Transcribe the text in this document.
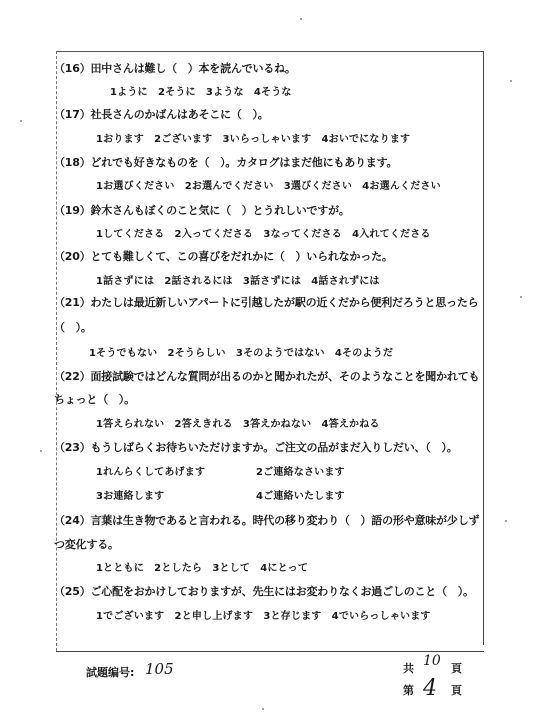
（16）田中さんは難し（　）本を読んでいるね。
1ように　2そうに　3ような　4そうな
（17）社長さんのかばんはあそこに（　）。
1おります　2ございます　3いらっしゃいます　4おいでになります
（18）どれでも好きなものを（　）。カタログはまだ他にもあります。
1お選びください　2お選んでください　3選びください　4お選んください
（19）鈴木さんもぼくのこと気に（　）とうれしいですが。
1してくださる　2入ってくださる　3なってくださる　4入れてくださる
（20）とても難しくて、この喜びをだれかに（　）いられなかった。
1話さずには　2話されるには　3話さずには　4話されずには
（21）わたしは最近新しいアパートに引越したが駅の近くだから便利だろうと思ったら
（　）。
1そうでもない　2そうらしい　3そのようではない　4そのようだ
（22）面接試験ではどんな質問が出るのかと聞かれたが、そのようなことを聞かれても
ちょっと（　）。
1答えられない　2答えきれる　3答えかねない　4答えかねる
（23）もうしばらくお待ちいただけますか。ご注文の品がまだ入りしだい、（　）。
1れんらくしてあげます	2ご連絡なさいます
3お連絡します	4ご連絡いたします
（24）言葉は生き物であると言われる。時代の移り変わり（　）語の形や意味が少しず
つ変化する。
1とともに　2としたら　3として　4にとって
（25）ご心配をおかけしておりますが、先生にはお変わりなくお過ごしのこと（　）。
1でございます　2と申し上げます　3と存じます　4でいらっしゃいます
試題编号: 105	共 10 頁
第 4 頁
